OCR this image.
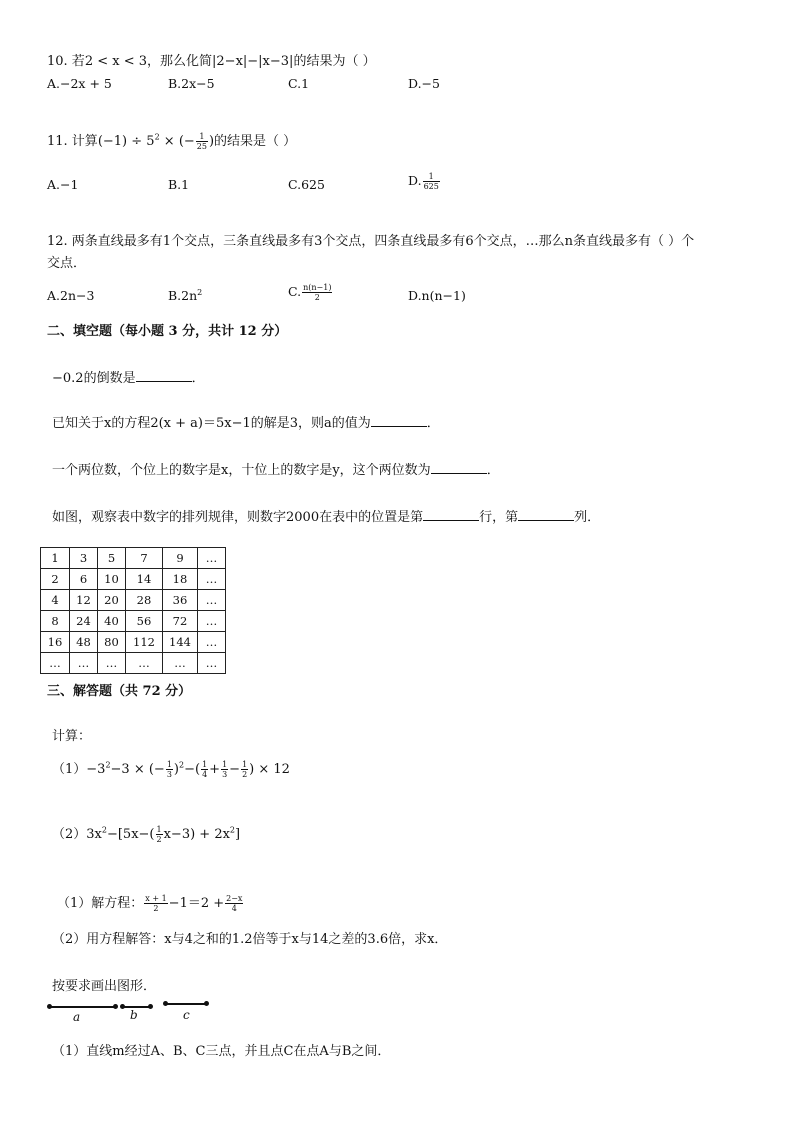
10. 若2 < x < 3，那么化简|2−x|−|x−3|的结果为（ ）
A.−2x + 5	B.2x−5	C.1	D.−5
11. 计算$(-1) \div 5^2$ × (− $\frac{1}{25}$ )的结果是（ ）
A.−1	B.1	C.625	D. $\frac{1}{625}$
12. 两条直线最多有1个交点，三条直线最多有3个交点，四条直线最多有6个交点，…那么n条直线最多有（ ）个
交点．
A.2n−3	$B.2n^2$	C. $\frac{n(n-1)}{2}$	D.n(n−1)
二、填空题（每小题 3 分，共计 12 分）
−0.2的倒数是	．
已知关于x的方程2(x + a)＝5x−1的解是3，则a的值为	．
一个两位数，个位上的数字是x，十位上的数字是y，这个两位数为	．
如图，观察表中数字的排列规律，则数字2000在表中的位置是第	行，第	列．
1	3	5	7	9	…
2	6	10	14	18	…
4	12	20	28	36	…
8	24	40	56	72	…
16	48	80	112	144	…
…	…	…	…	…	…
三、解答题（共 72 分）
计算：
$(1)-3^2-3$ × (− $\frac{1}{3} )^2-( \frac{1}{4} + \frac{1}{3} - \frac{1}{2}$ ) × 12
$(2)3x^2-[5x-( \frac{1}{2} x-3) + 2x^2]$
（1）解方程： $\frac{x + 1}{2} -1=2 + \frac{2-x}{4}$
（2）用方程解答：x与4之和的1.2倍等于x与14之差的3.6倍，求x．
按要求画出图形．
a	b	c
（1）直线m经过A、B、C三点，并且点C在点A与B之间．
